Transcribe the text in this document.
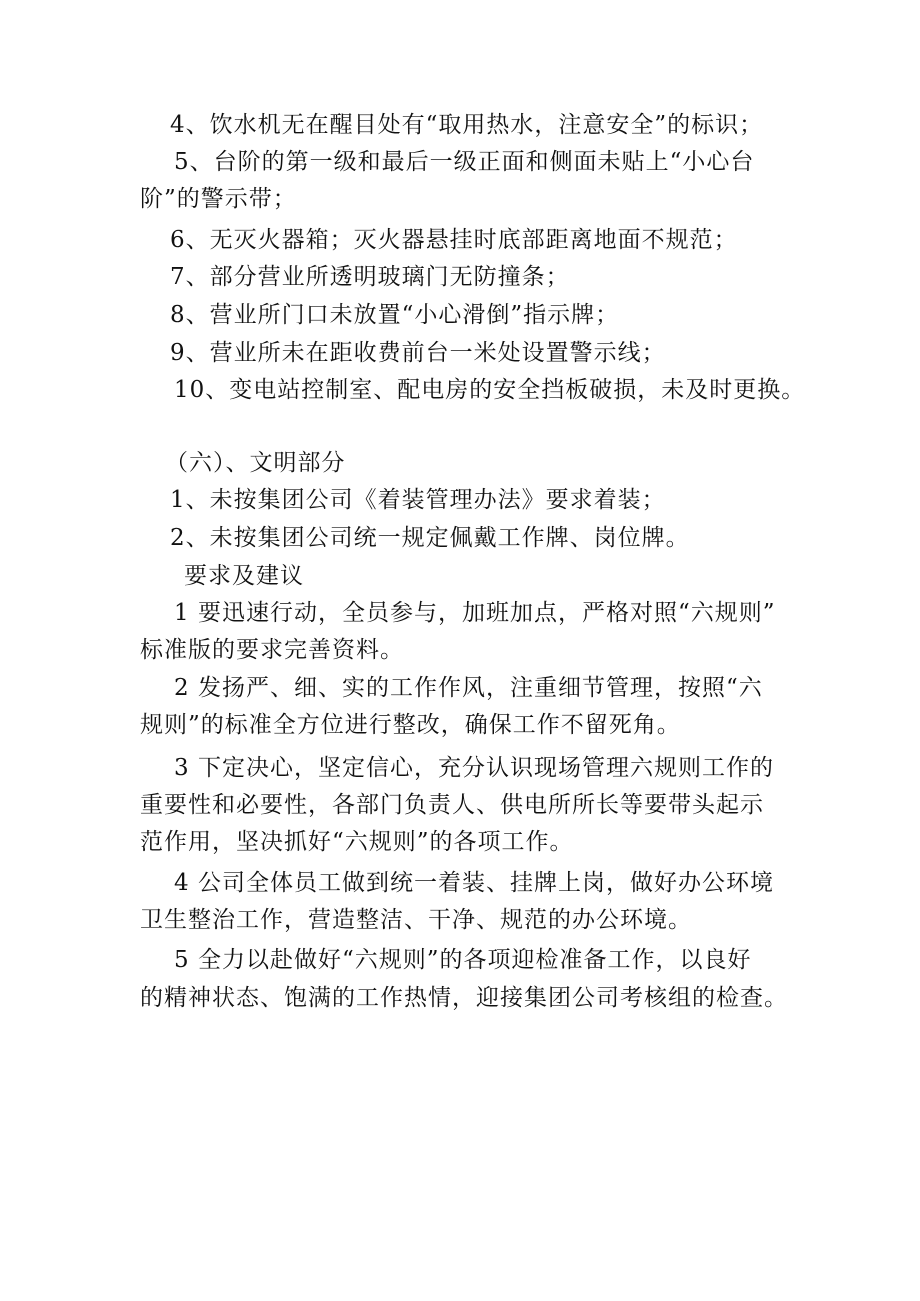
4、饮水机无在醒目处有“取用热水，注意安全”的标识；
5、台阶的第一级和最后一级正面和侧面未贴上“小心台
阶”的警示带；
6、无灭火器箱；灭火器悬挂时底部距离地面不规范；
7、部分营业所透明玻璃门无防撞条；
8、营业所门口未放置“小心滑倒”指示牌；
9、营业所未在距收费前台一米处设置警示线；
10、变电站控制室、配电房的安全挡板破损，未及时更换。
（六）、文明部分
1、未按集团公司《着装管理办法》要求着装；
2、未按集团公司统一规定佩戴工作牌、岗位牌。
要求及建议
1 要迅速行动，全员参与，加班加点，严格对照“六规则”
标准版的要求完善资料。
2 发扬严、细、实的工作作风，注重细节管理，按照“六
规则”的标准全方位进行整改，确保工作不留死角。
3 下定决心，坚定信心，充分认识现场管理六规则工作的
重要性和必要性，各部门负责人、供电所所长等要带头起示
范作用，坚决抓好“六规则”的各项工作。
4 公司全体员工做到统一着装、挂牌上岗，做好办公环境
卫生整治工作，营造整洁、干净、规范的办公环境。
5 全力以赴做好“六规则”的各项迎检准备工作，以良好
的精神状态、饱满的工作热情，迎接集团公司考核组的检查。
